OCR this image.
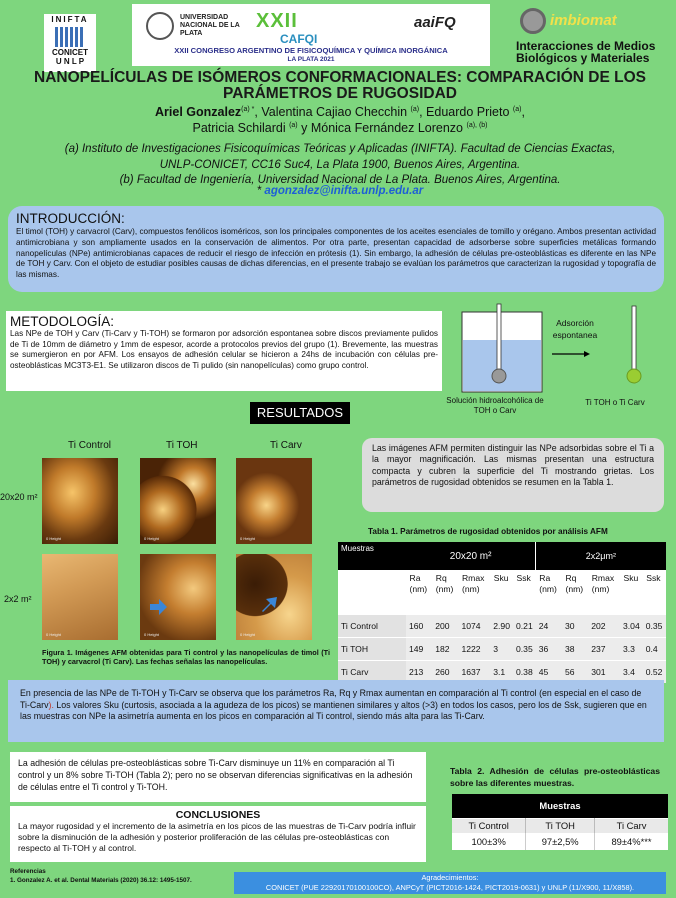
INIFTA
CONICET
U N L P
UNIVERSIDAD NACIONAL DE LA PLATA
XXII
CAFQI
aaiFQ
XXII CONGRESO ARGENTINO DE FISICOQUÍMICA Y QUÍMICA INORGÁNICA
LA PLATA 2021
imbiomat
Interacciones de Medios Biológicos y Materiales
NANOPELÍCULAS DE ISÓMEROS CONFORMACIONALES: COMPARACIÓN DE LOS PARÁMETROS DE RUGOSIDAD
Ariel Gonzalez$^{(a) *}$, Valentina Cajiao Checchin $^{(a)}$, Eduardo Prieto $^{(a)}$,
Patricia Schilardi $^{(a)}$ y Mónica Fernández Lorenzo $^{(a), (b)}$
(a) Instituto de Investigaciones Fisicoquímicas Teóricas y Aplicadas (INIFTA). Facultad de Ciencias Exactas,
UNLP-CONICET, CC16 Suc4, La Plata 1900, Buenos Aires, Argentina.
(b) Facultad de Ingeniería, Universidad Nacional de La Plata. Buenos Aires, Argentina.
* agonzalez@inifta.unlp.edu.ar
INTRODUCCIÓN:

El timol (TOH) y carvacrol (Carv), compuestos fenólicos isoméricos, son los principales componentes de los aceites esenciales de tomillo y orégano. Ambos presentan actividad antimicrobiana y son ampliamente usados en la conservación de alimentos. Por otra parte, presentan capacidad de adsorberse sobre superficies metálicas formando nanopelículas (NPe) antimicrobianas capaces de reducir el riesgo de infección en prótesis (1). Sin embargo, la adhesión de células pre-osteoblásticas es diferente en las NPe de TOH y Carv. Con el objeto de estudiar posibles causas de dichas diferencias, en el presente trabajo se evalúan los parámetros que caracterizan la rugosidad y topografía de las mismas.

METODOLOGÍA:

Las NPe de TOH y Carv (Ti-Carv y Ti-TOH) se formaron por adsorción espontanea sobre discos previamente pulidos de Ti de 10mm de diámetro y 1mm de espesor, acorde a protocolos previos del grupo (1). Brevemente, las muestras se sumergieron en por AFM. Los ensayos de adhesión celular se hicieron a 24hs de incubación con células pre-osteoblásticas MC3T3-E1. Se utilizaron discos de Ti pulido (sin nanopelículas) como grupo control.

Adsorción espontanea
Solución hidroalcohólica de TOH o Carv
Ti TOH o Ti Carv
RESULTADOS
Ti Control	Ti TOH	Ti Carv
20x20 m²
2x2 m²
0 Height	0 Height	0 Height
0 Height	0 Height	0 Height
Figura 1. Imágenes AFM obtenidas para Ti control y las nanopelículas de timol (Ti TOH) y carvacrol (Ti Carv). Las fechas señalas las nanopelículas.
Las imágenes AFM permiten distinguir las NPe adsorbidas sobre el Ti a la mayor magnificación. Las mismas presentan una estructura compacta y cubren la superficie del Ti mostrando grietas. Los parámetros de rugosidad obtenidos se resumen en la Tabla 1.
Tabla 1. Parámetros de rugosidad obtenidos por análisis AFM
Muestras	20x20 m²					2x2μm²				
	Ra (nm)	Rq (nm)	Rmax (nm)	Sku	Ssk	Ra (nm)	Rq (nm)	Rmax (nm)	Sku	Ssk
Ti Control	160	200	1074	2.90	0.21	24	30	202	3.04	0.35
Ti TOH	149	182	1222	3	0.35	36	38	237	3.3	0.4
Ti Carv	213	260	1637	3.1	0.38	45	56	301	3.4	0.52
En presencia de las NPe de Ti-TOH y Ti-Carv se observa que los parámetros Ra, Rq y Rmax aumentan en comparación al Ti control (en especial en el caso de Ti-Carv). Los valores Sku (curtosis, asociada a la agudeza de los picos) se mantienen similares y altos (>3) en todos los casos, pero los de Ssk, sugieren que en las muestras con NPe la asimetría aumenta en los picos en comparación al Ti control, siendo más alta para las Ti-Carv.
La adhesión de células pre-osteoblásticas sobre Ti-Carv disminuye un 11% en comparación al Ti control y un 8% sobre Ti-TOH (Tabla 2); pero no se observan diferencias significativas en la adhesión de células entre el Ti control y Ti-TOH.
Tabla 2. Adhesión de células pre-osteoblásticas sobre las diferentes muestras.
Muestras		
Ti Control	Ti TOH	Ti Carv
100±3%	97±2,5%	89±4%***
CONCLUSIONES

La mayor rugosidad y el incremento de la asimetría en los picos de las muestras de Ti-Carv podría influir sobre la disminución de la adhesión y posterior proliferación de las células pre-osteoblásticas con respecto al Ti-TOH y al control.

Referencias
1. Gonzalez A. et al. Dental Materials (2020) 36.12: 1495-1507.	Agradecimientos:
CONICET (PUE 22920170100100CO), ANPCyT (PICT2016-1424, PICT2019-0631) y UNLP (11/X900, 11/X858).
